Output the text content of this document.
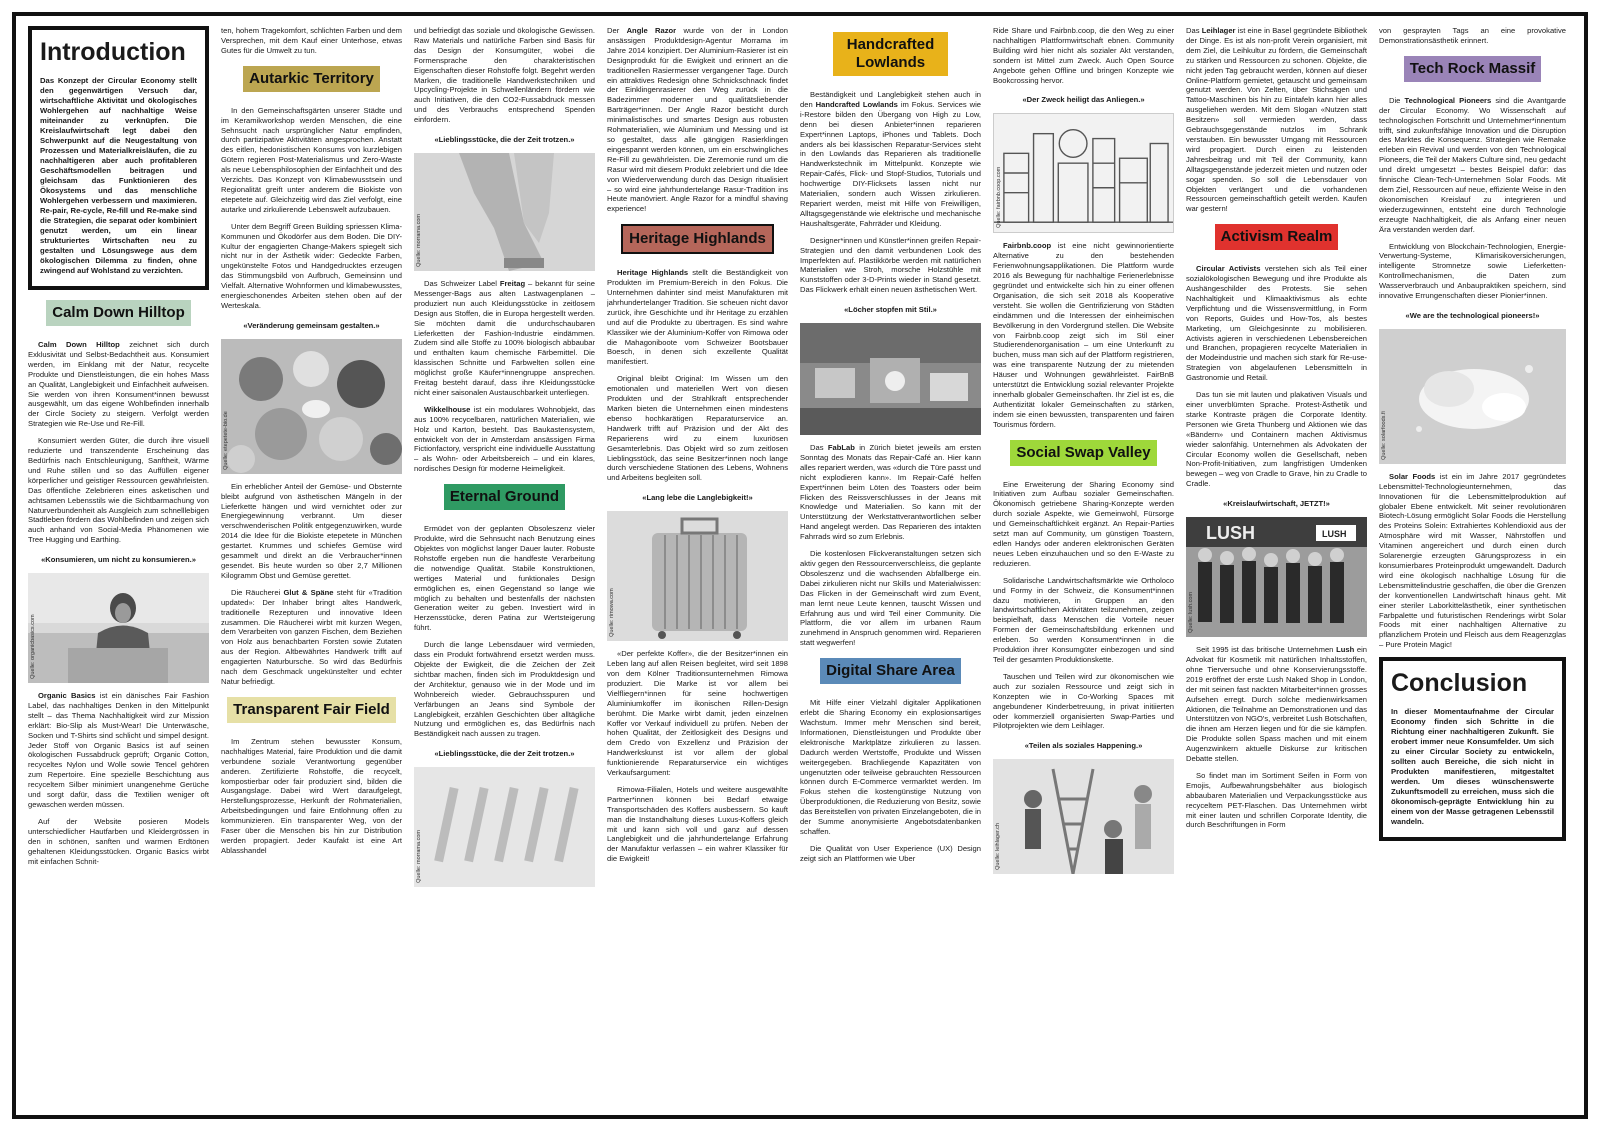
Introduction
Das Konzept der Circular Economy stellt den gegenwärtigen Versuch dar, wirtschaftliche Aktivität und ökologisches Wohlergehen auf nachhaltige Weise miteinander zu verknüpfen. Die Kreislaufwirtschaft legt dabei den Schwerpunkt auf die Neugestaltung von Prozessen und Materialkreisläufen, die zu nachhaltigeren aber auch profitableren Geschäftsmodellen beitragen und gleichsam das Funktionieren des Ökosystems und das menschliche Wohlergehen verbessern und maximieren. Re-pair, Re-cycle, Re-fill und Re-make sind die Strategien, die separat oder kombiniert genutzt werden, um ein linear strukturiertes Wirtschaften neu zu gestalten und Lösungswege aus dem ökologischen Dilemma zu finden, ohne zwingend auf Wohlstand zu verzichten.
Calm Down Hilltop

Calm Down Hilltop zeichnet sich durch Exklusivität und Selbst-Bedachtheit aus. Konsumiert werden, im Einklang mit der Natur, recycelte Produkte und Dienstleistungen, die ein hohes Mass an Qualität, Langlebigkeit und Einfachheit aufweisen. Sie werden von ihren Konsument*innen bewusst ausgewählt, um das eigene Wohlbefinden innerhalb der Circle Society zu steigern. Verfolgt werden Strategien wie Re-Use und Re-Fill.

Konsumiert werden Güter, die durch ihre visuell reduzierte und transzendente Erscheinung das Bedürfnis nach Entschleunigung, Sanftheit, Wärme und Ruhe stillen und so das Auffüllen eigener körperlicher und geistiger Ressourcen gewährleisten. Das öffentliche Zelebrieren eines asketischen und achtsamen Lebensstils wie die Sichtbarmachung von Naturverbundenheit als Ausgleich zum schnelllebigen Stadtleben fördern das Wohlbefinden und zeigen sich auch anhand von Social-Media Phänomenen wie Tree Hugging und Earthing.

«Konsumieren, um nicht zu konsumieren.»
Quelle: organicbasics.com

Organic Basics ist ein dänisches Fair Fashion Label, das nachhaltiges Denken in den Mittelpunkt stellt – das Thema Nachhaltigkeit wird zur Mission erklärt: Bio-Slip als Must-Wear! Die Unterwäsche, Socken und T-Shirts sind schlicht und simpel designt. Jeder Stoff von Organic Basics ist auf seinen ökologischen Fussabdruck geprüft; Organic Cotton, recyceltes Nylon und Wolle sowie Tencel gehören zum Repertoire. Eine spezielle Beschichtung aus recyceltem Silber minimiert unangenehme Gerüche und sorgt dafür, dass die Textilien weniger oft gewaschen werden müssen.

Auf der Website posieren Models unterschiedlicher Hautfarben und Kleidergrössen in den in schönen, sanften und warmen Erdtönen gehaltenen Kleidungsstücken. Organic Basics wirbt mit einfachen Schnit-

ten, hohem Tragekomfort, schlichten Farben und dem Versprechen, mit dem Kauf einer Unterhose, etwas Gutes für die Umwelt zu tun.

Autarkic Territory

In den Gemeinschaftsgärten unserer Städte und im Keramikworkshop werden Menschen, die eine Sehnsucht nach ursprünglicher Natur empfinden, durch partizipative Aktivitäten angesprochen. Anstatt des eitlen, hedonistischen Konsums von kurzlebigen Gütern regieren Post-Materialismus und Zero-Waste als neue Lebensphilosophien der Einfachheit und des Verzichts. Das Konzept von Klimabewusstsein und Regionalität greift unter anderem die Biokiste von etepetete auf. Gleichzeitig wird das Ziel verfolgt, eine autarke und zirkulierende Lebenswelt aufzubauen.

Unter dem Begriff Green Building spriessen Klima-Kommunen und Ökodörfer aus dem Boden. Die DIY-Kultur der engagierten Change-Makers spiegelt sich nicht nur in der Ästhetik wider: Gedeckte Farben, ungekünstelte Fotos und Handgedrucktes erzeugen das Stimmungsbild von Aufbruch, Gemeinsinn und Vielfalt. Alternative Wohnformen und klimabewusstes, energieschonendes Arbeiten stehen oben auf der Werteskala.

«Veränderung gemeinsam gestalten.»
Quelle: etepetete-bio.de

Ein erheblicher Anteil der Gemüse- und Obsternte bleibt aufgrund von ästhetischen Mängeln in der Lieferkette hängen und wird vernichtet oder zur Energiegewinnung verbrannt. Um dieser verschwenderischen Politik entgegenzuwirken, wurde 2014 die Idee für die Biokiste etepetete in München gestartet. Krummes und schiefes Gemüse wird gesammelt und direkt an die Verbraucher*innen gesendet. Bis heute wurden so über 2,7 Millionen Kilogramm Obst und Gemüse gerettet.

Die Räucherei Glut & Späne steht für «Tradition updated»: Der Inhaber bringt altes Handwerk, traditionelle Rezepturen und innovative Ideen zusammen. Die Räucherei wirbt mit kurzen Wegen, dem Verarbeiten von ganzen Fischen, dem Beziehen von Holz aus benachbarten Forsten sowie Zutaten aus der Region. Altbewährtes Handwerk trifft auf engagierten Naturbursche. So wird das Bedürfnis nach dem Geschmack ungekünstelter und echter Natur befriedigt.

Transparent Fair Field

Im Zentrum stehen bewusster Konsum, nachhaltiges Material, faire Produktion und die damit verbundene soziale Verantwortung gegenüber anderen. Zertifizierte Rohstoffe, die recycelt, kompostierbar oder fair produziert sind, bilden die Ausgangslage. Dabei wird Wert daraufgelegt, Herstellungsprozesse, Herkunft der Rohmaterialien, Arbeitsbedingungen und faire Entlohnung offen zu kommunizieren. Ein transparenter Weg, von der Faser über die Menschen bis hin zur Distribution werden propagiert. Jeder Kaufakt ist eine Art Ablasshandel

und befriedigt das soziale und ökologische Gewissen. Raw Materials und natürliche Farben sind Basis für das Design der Konsumgüter, wobei die Formensprache den charakteristischen Eigenschaften dieser Rohstoffe folgt. Begehrt werden Marken, die traditionelle Handwerkstechniken und Upcycling-Projekte in Schwellenländern fördern wie auch Initiativen, die den CO2-Fussabdruck messen und des Verbrauchs entsprechend Spenden einfordern.

«Lieblingsstücke, die der Zeit trotzen.»
Quelle: morrama.com

Das Schweizer Label Freitag – bekannt für seine Messenger-Bags aus alten Lastwagenplanen – produziert nun auch Kleidungsstücke in zeitlosem Design aus Stoffen, die in Europa hergestellt werden. Sie möchten damit die undurchschaubaren Lieferketten der Fashion-Industrie eindämmen. Zudem sind alle Stoffe zu 100% biologisch abbaubar und enthalten kaum chemische Färbemittel. Die klassischen Schnitte und Farbwelten sollen eine möglichst große Käufer*innengruppe ansprechen. Freitag besteht darauf, dass ihre Kleidungsstücke nicht einer saisonalen Austauschbarkeit unterliegen.

Wikkelhouse ist ein modulares Wohnobjekt, das aus 100% recycelbaren, natürlichen Materialien, wie Holz und Karton, besteht. Das Baukastensystem, entwickelt von der in Amsterdam ansässigen Firma Fictionfactory, verspricht eine individuelle Ausstattung – als Wohn- oder Arbeitsbereich – und ein klares, nordisches Design für moderne Heimeligkeit.

Eternal Ground

Ermüdet von der geplanten Obsoleszenz vieler Produkte, wird die Sehnsucht nach Benutzung eines Objektes von möglichst langer Dauer lauter. Robuste Rohstoffe ergeben nun die handfeste Verarbeitung die notwendige Qualität. Stabile Konstruktionen, wertiges Material und funktionales Design ermöglichen es, einen Gegenstand so lange wie möglich zu behalten und bestenfalls der nächsten Generation weiter zu geben. Investiert wird in Herzensstücke, deren Patina zur Wertsteigerung führt.

Durch die lange Lebensdauer wird vermieden, dass ein Produkt fortwährend ersetzt werden muss. Objekte der Ewigkeit, die die Zeichen der Zeit sichtbar machen, finden sich im Produktdesign und der Architektur, genauso wie in der Mode und im Wohnbereich wieder. Gebrauchsspuren und Verfärbungen an Jeans sind Symbole der Langlebigkeit, erzählen Geschichten über alltägliche Nutzung und ermöglichen es, das Bedürfnis nach Beständigkeit nach aussen zu tragen.

«Lieblingsstücke, die der Zeit trotzen.»
Quelle: morrama.com

Der Angle Razor wurde von der in London ansässigen Produktdesign-Agentur Morrama im Jahre 2014 konzipiert. Der Aluminium-Rasierer ist ein Designprodukt für die Ewigkeit und erinnert an die traditionellen Rasiermesser vergangener Tage. Durch ein attraktives Redesign ohne Schnickschnack findet der Einklingenrasierer den Weg zurück in die Badezimmer moderner und qualitätsliebender Barträger*innen. Der Angle Razor besticht durch minimalistisches und smartes Design aus robusten Rohmaterialien, wie Aluminium und Messing und ist so gestaltet, dass alle gängigen Rasierklingen eingespannt werden können, um ein erschwingliches Re-Fill zu gewährleisten. Die Zeremonie rund um die Rasur wird mit diesem Produkt zelebriert und die Idee von Wiederverwendung durch das Design ritualisiert – so wird eine jahrhundertelange Rasur-Tradition ins Heute manövriert. Angle Razor for a mindful shaving experience!

Heritage Highlands

Heritage Highlands stellt die Beständigkeit von Produkten im Premium-Bereich in den Fokus. Die Unternehmen dahinter sind meist Manufakturen mit jahrhundertelanger Tradition. Sie scheuen nicht davor zurück, ihre Geschichte und ihr Heritage zu erzählen und auf die Produkte zu übertragen. Es sind wahre Klassiker wie der Aluminium-Koffer von Rimowa oder die Mahagoniboote vom Schweizer Bootsbauer Boesch, in denen sich exzellente Qualität manifestiert.

Original bleibt Original: Im Wissen um den emotionalen und materiellen Wert von diesen Produkten und der Strahlkraft entsprechender Marken bieten die Unternehmen einen mindestens ebenso hochkarätigen Reparaturservice an. Handwerk trifft auf Präzision und der Akt des Reparierens wird zu einem luxuriösen Gesamterlebnis. Das Objekt wird so zum zeitlosen Lieblingsstück, das seine Besitzer*innen noch lange durch verschiedene Stationen des Lebens, Wohnens und Arbeitens begleiten soll.

«Lang lebe die Langlebigkeit!»
Quelle: rimowa.com

«Der perfekte Koffer», die der Besitzer*innen ein Leben lang auf allen Reisen begleitet, wird seit 1898 von dem Kölner Traditionsunternehmen Rimowa produziert. Die Marke ist vor allem bei Vielfliegern*innen für seine hochwertigen Aluminiumkoffer im ikonischen Rillen-Design berühmt. Die Marke wirbt damit, jeden einzelnen Koffer vor Verkauf individuell zu prüfen. Neben der hohen Qualität, der Zeitlosigkeit des Designs und dem Credo von Exzellenz und Präzision der Handwerkskunst ist vor allem der global funktionierende Reparaturservice ein wichtiges Verkaufsargument:

Rimowa-Filialen, Hotels und weitere ausgewählte Partner*innen können bei Bedarf etwaige Transportschäden des Koffers ausbessern. So kauft man die Instandhaltung dieses Luxus-Koffers gleich mit und kann sich voll und ganz auf dessen Langlebigkeit und die jahrhundertelange Erfahrung der Manufaktur verlassen – ein wahrer Klassiker für die Ewigkeit!

Handcrafted
Lowlands

Beständigkeit und Langlebigkeit stehen auch in den Handcrafted Lowlands im Fokus. Services wie i-Restore bilden den Übergang von High zu Low, denn bei diesen Anbieter*innen reparieren Expert*innen Laptops, iPhones und Tablets. Doch anders als bei klassischen Reparatur-Services steht in den Lowlands das Reparieren als traditionelle Handwerkstechnik im Mittelpunkt. Konzepte wie Repair-Cafés, Flick- und Stopf-Studios, Tutorials und hochwertige DIY-Flicksets lassen nicht nur Materialien, sondern auch Wissen zirkulieren. Repariert werden, meist mit Hilfe von Freiwilligen, Alltagsgegenstände wie elektrische und mechanische Haushaltsgeräte, Fahrräder und Kleidung.

Designer*innen und Künstler*innen greifen Repair-Strategien und den damit verbundenen Look des Imperfekten auf. Plastikkörbe werden mit natürlichen Materialien wie Stroh, morsche Holzstühle mit Kunststoffen oder 3-D-Prints wieder in Stand gesetzt. Das Flickwerk erhält einen neuen ästhetischen Wert.

«Löcher stopfen mit Stil.»

Das FabLab in Zürich bietet jeweils am ersten Sonntag des Monats das Repair-Café an. Hier kann alles repariert werden, was «durch die Türe passt und nicht explodieren kann». Im Repair-Café helfen Expert*innen beim Löten des Toasters oder beim Flicken des Reissverschlusses in der Jeans mit Knowledge und Materialien. So kann mit der Unterstützung der Werkstattverantwortlichen selber Hand angelegt werden. Das Reparieren des intakten Fahrrads wird so zum Erlebnis.

Die kostenlosen Flickveranstaltungen setzen sich aktiv gegen den Ressourcenverschleiss, die geplante Obsoleszenz und die wachsenden Abfallberge ein. Dabei zirkulieren nicht nur Skills und Materialwissen: Das Flicken in der Gemeinschaft wird zum Event, man lernt neue Leute kennen, tauscht Wissen und Erfahrung aus und wird Teil einer Community. Die Plattform, die vor allem im urbanen Raum zunehmend in Anspruch genommen wird. Reparieren statt wegwerfen!

Digital Share Area

Mit Hilfe einer Vielzahl digitaler Applikationen erlebt die Sharing Economy ein explosionsartiges Wachstum. Immer mehr Menschen sind bereit, Informationen, Dienstleistungen und Produkte über elektronische Marktplätze zirkulieren zu lassen. Dadurch werden Wertstoffe, Produkte und Wissen weitergegeben. Brachliegende Kapazitäten von ungenutzten oder teilweise gebrauchten Ressourcen können durch E-Commerce vermarktet werden. Im Fokus stehen die kostengünstige Nutzung von Überproduktionen, die Reduzierung von Besitz, sowie das Bereitstellen von privaten Einzelangeboten, die in der Summe anonymisierte Angebotsdatenbanken schaffen.

Die Qualität von User Experience (UX) Design zeigt sich an Plattformen wie Uber

Ride Share und Fairbnb.coop, die den Weg zu einer nachhaltigen Plattformwirtschaft ebnen. Community Building wird hier nicht als sozialer Akt verstanden, sondern ist Mittel zum Zweck. Auch Open Source Angebote gehen Offline und bringen Konzepte wie Bookcrossing hervor.

«Der Zweck heiligt das Anliegen.»
Quelle: fairbnb.coop.com

Fairbnb.coop ist eine nicht gewinnorientierte Alternative zu den bestehenden Ferienwohnungsapplikationen. Die Plattform wurde 2016 als Bewegung für nachhaltige Ferienerlebnisse gegründet und entwickelte sich hin zu einer offenen Organisation, die sich seit 2018 als Kooperative versteht. Sie wollen die Gentrifizierung von Städten eindämmen und die Interessen der einheimischen Bevölkerung in den Vordergrund stellen. Die Website von Fairbnb.coop zeigt sich im Stil einer Studierendenorganisation – um eine Unterkunft zu buchen, muss man sich auf der Plattform registrieren, was eine transparente Nutzung der zu mietenden Häuser und Wohnungen gewährleistet. FairBnB unterstützt die Entwicklung sozial relevanter Projekte innerhalb globaler Gemeinschaften. Ihr Ziel ist es, die Authentizität lokaler Gemeinschaften zu stärken, indem sie einen bewussten, transparenten und fairen Tourismus fördern.

Social Swap Valley

Eine Erweiterung der Sharing Economy sind Initiativen zum Aufbau sozialer Gemeinschaften. Ökonomisch getriebene Sharing-Konzepte werden durch soziale Aspekte, wie Gemeinwohl, Fürsorge und Gemeinschaftlichkeit ergänzt. An Repair-Parties setzt man auf Community, um günstigen Toastern, edlen Handys oder anderen elektronischen Geräten neues Leben einzuhauchen und so den E-Waste zu reduzieren.

Solidarische Landwirtschaftsmärkte wie Ortholoco und Formy in der Schweiz, die Konsument*innen dazu motivieren, in Gruppen an den landwirtschaftlichen Aktivitäten teilzunehmen, zeigen beispielhaft, dass Menschen die Vorteile neuer Formen der Gemeinschaftsbildung erkennen und erleben. So werden Konsument*innen in die Produktion ihrer Konsumgüter einbezogen und sind Teil der gesamten Produktionskette.

Tauschen und Teilen wird zur ökonomischen wie auch zur sozialen Ressource und zeigt sich in Konzepten wie in Co-Working Spaces mit angebundener Kinderbetreuung, in privat initiierten oder kommerziell organisierten Swap-Parties und Pilotprojekten wie dem Leihlager.

«Teilen als soziales Happening.»
Quelle: leihlager.ch

Das Leihlager ist eine in Basel gegründete Bibliothek der Dinge. Es ist als non-profit Verein organisiert, mit dem Ziel, die Leihkultur zu fördern, die Gemeinschaft zu stärken und Ressourcen zu schonen. Objekte, die nicht jeden Tag gebraucht werden, können auf dieser Online-Plattform gemietet, getauscht und gemeinsam genutzt werden. Von Zelten, über Stichsägen und Tattoo-Maschinen bis hin zu Eintafeln kann hier alles ausgeliehen werden. Mit dem Slogan «Nutzen statt Besitzen» soll vermieden werden, dass Gebrauchsgegenstände nutzlos im Schrank verstauben. Ein bewusster Umgang mit Ressourcen wird propagiert. Durch einen zu leistenden Jahresbeitrag und mit Teil der Community, kann Alltagsgegenstände jederzeit mieten und nutzen oder sogar spenden. So soll die Lebensdauer von Objekten verlängert und die vorhandenen Ressourcen gemeinschaftlich geteilt werden. Kaufen war gestern!

Activism Realm

Circular Activists verstehen sich als Teil einer sozialökologischen Bewegung und ihre Produkte als Aushängeschilder des Protests. Sie sehen Nachhaltigkeit und Klimaaktivismus als echte Verpflichtung und die Wissensvermittlung, in Form von Reports, Guides und How-Tos, als bestes Marketing, um Gleichgesinnte zu mobilisieren. Activists agieren in verschiedenen Lebensbereichen und Branchen, propagieren recycelte Materialien in der Modeindustrie und machen sich stark für Re-use-Strategien von abgelaufenen Lebensmitteln in Gastronomie und Retail.

Das tun sie mit lauten und plakativen Visuals und einer unverblümten Sprache. Protest-Ästhetik und starke Kontraste prägen die Corporate Identity. Personen wie Greta Thunberg und Aktionen wie das «Bändern» und Containern machen Aktivismus wieder salonfähig. Unternehmen als Advokaten der Circular Economy wollen die Gesellschaft, neben Non-Profit-Initiativen, zum langfristigen Umdenken bewegen – weg von Cradle to Grave, hin zu Cradle to Cradle.

«Kreislaufwirtschaft, JETZT!»
LUSH	LUSH
Quelle: lush.com

Seit 1995 ist das britische Unternehmen Lush ein Advokat für Kosmetik mit natürlichen Inhaltsstoffen, ohne Tierversuche und ohne Konservierungsstoffe. 2019 eröffnet der erste Lush Naked Shop in London, der mit seinen fast nackten Mitarbeiter*innen grosses Aufsehen erregt. Durch solche medienwirksamen Aktionen, die Teilnahme an Demonstrationen und das Unterstützen von NGO's, verbreitet Lush Botschaften, die ihnen am Herzen liegen und für die sie kämpfen. Die Produkte sollen Spass machen und mit einem Augenzwinkern aktuelle Diskurse zur kritischen Debatte stellen.

So findet man im Sortiment Seifen in Form von Emojis, Aufbewahrungsbehälter aus biologisch abbaubaren Materialien und Verpackungsstücke aus recyceltem PET-Flaschen. Das Unternehmen wirbt mit einer lauten und schrillen Corporate Identity, die durch Beschriftungen in Form

von gesprayten Tags an eine provokative Demonstrationsästhetik erinnert.

Tech Rock Massif

Die Technological Pioneers sind die Avantgarde der Circular Economy. Wo Wissenschaft auf technologischen Fortschritt und Unternehmer*innentum trifft, sind zukunftsfähige Innovation und die Disruption des Marktes die Konsequenz. Strategien wie Remake erleben ein Revival und werden von den Technological Pioneers, die Teil der Makers Culture sind, neu gedacht und direkt umgesetzt – bestes Beispiel dafür: das finnische Clean-Tech-Unternehmen Solar Foods. Mit dem Ziel, Ressourcen auf neue, effiziente Weise in den ökonomischen Kreislauf zu integrieren und wiederzugewinnen, entsteht eine durch Technologie erzeugte Nachhaltigkeit, die als Anfang einer neuen Ära verstanden werden darf.

Entwicklung von Blockchain-Technologien, Energie-Verwertung-Systeme, Klimarisikoversicherungen, intelligente Stromnetze sowie Lieferketten-Kontrollmechanismen, die Daten zum Wasserverbrauch und Anbaupraktiken speichern, sind innovative Errungenschaften dieser Pionier*innen.

«We are the technological pioneers!»
Quelle: solarfoods.fi

Solar Foods ist ein im Jahre 2017 gegründetes Lebensmittel-Technologieunternehmen, das Innovationen für die Lebensmittelproduktion auf globaler Ebene entwickelt. Mit seiner revolutionären Biotech-Lösung ermöglicht Solar Foods die Herstellung des Proteins Solein: Extrahiertes Kohlendioxid aus der Atmosphäre wird mit Wasser, Nährstoffen und Vitaminen angereichert und durch einen durch Solarenergie erzeugten Gärungsprozess in ein konsumierbares Proteinprodukt umgewandelt. Dadurch wird eine ökologisch nachhaltige Lösung für die Lebensmittelindustrie geschaffen, die über die Grenzen der konventionellen Landwirtschaft hinaus geht. Mit einer steriler Laborkittelästhetik, einer synthetischen Farbpalette und futuristischen Renderings wirbt Solar Foods mit einer nachhaltigen Alternative zu pflanzlichem Protein und Fleisch aus dem Reagenzglas – Pure Protein Magic!

Conclusion
In dieser Momentaufnahme der Circular Economy finden sich Schritte in die Richtung einer nachhaltigeren Zukunft. Sie erobert immer neue Konsumfelder. Um sich zu einer Circular Society zu entwickeln, sollten auch Bereiche, die sich nicht in Produkten manifestieren, mitgestaltet werden. Um dieses wünschenswerte Zukunftsmodell zu erreichen, muss sich die ökonomisch-geprägte Entwicklung hin zu einem von der Masse getragenen Lebensstil wandeln.
